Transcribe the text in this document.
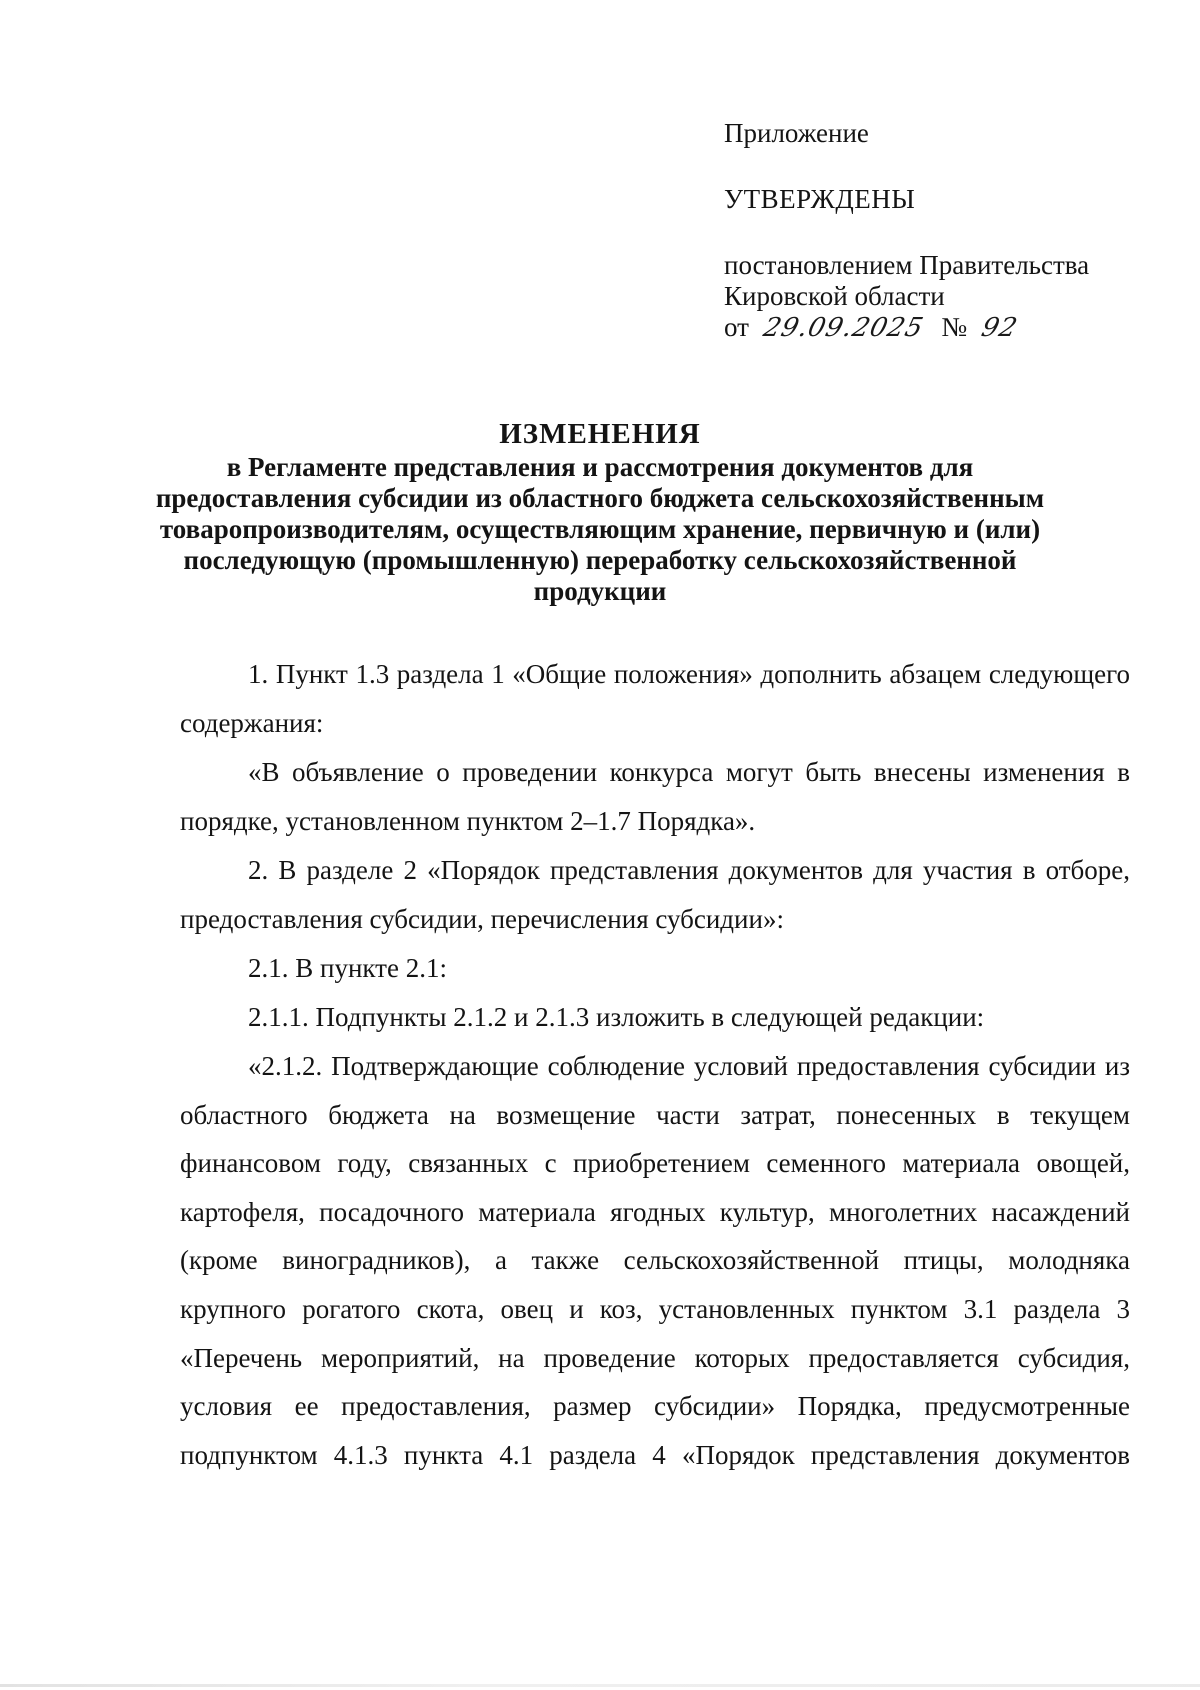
Приложение
УТВЕРЖДЕНЫ
постановлением Правительства
Кировской области
от 29.09.2025 № 92
ИЗМЕНЕНИЯ
в Регламенте представления и рассмотрения документов для
предоставления субсидии из областного бюджета сельскохозяйственным
товаропроизводителям, осуществляющим хранение, первичную и (или)
последующую (промышленную) переработку сельскохозяйственной
продукции

1. Пункт 1.3 раздела 1 «Общие положения» дополнить абзацем следующего содержания:

«В объявление о проведении конкурса могут быть внесены изменения в порядке, установленном пунктом 2–1.7 Порядка».

2. В разделе 2 «Порядок представления документов для участия в отборе, предоставления субсидии, перечисления субсидии»:

2.1. В пункте 2.1:

2.1.1. Подпункты 2.1.2 и 2.1.3 изложить в следующей редакции:

«2.1.2. Подтверждающие соблюдение условий предоставления субсидии из областного бюджета на возмещение части затрат, понесенных в текущем финансовом году, связанных с приобретением семенного материала овощей, картофеля, посадочного материала ягодных культур, многолетних насаждений (кроме виноградников), а также сельскохозяйственной птицы, молодняка крупного рогатого скота, овец и коз, установленных пунктом 3.1 раздела 3 «Перечень мероприятий, на проведение которых предоставляется субсидия, условия ее предоставления, размер субсидии» Порядка, предусмотренные подпунктом 4.1.3 пункта 4.1 раздела 4 «Порядок представления документов
